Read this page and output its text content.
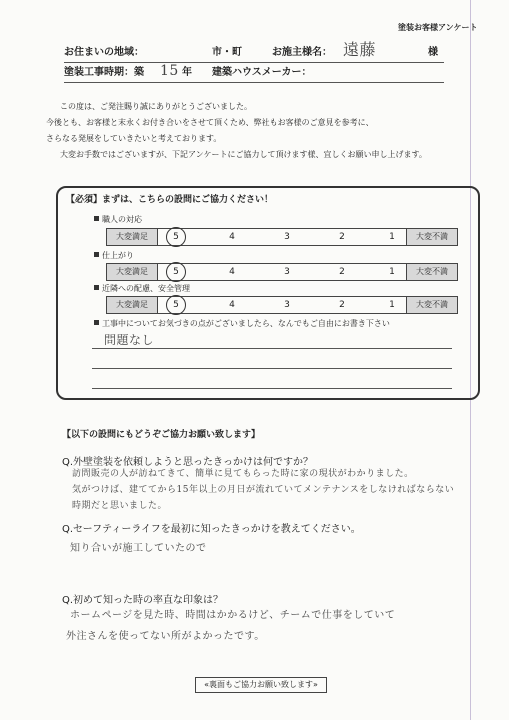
塗装お客様アンケート
お住まいの地域：	市・町	お施主様名： 遠藤	様
塗装工事時期：築 15 年 建築ハウスメーカー：
この度は、ご発注賜り誠にありがとうございました。
今後とも、お客様と末永くお付き合いをさせて頂くため、弊社もお客様のご意見を参考に、
さらなる発展をしていきたいと考えております。
大変お手数ではございますが、下記アンケートにご協力して頂けます様、宜しくお願い申し上げます。
【必須】まずは、こちらの設問にご協力ください！
職人の対応
大変満足	5	4	3	2	1	大変不満
仕上がり
大変満足	5	4	3	2	1	大変不満
近隣への配慮、安全管理
大変満足	5	4	3	2	1	大変不満
工事中についてお気づきの点がございましたら、なんでもご自由にお書き下さい
問題なし
【以下の設問にもどうぞご協力お願い致します】
Q.外壁塗装を依頼しようと思ったきっかけは何ですか？
訪問販売の人が訪ねてきて、簡単に見てもらった時に家の現状がわかりました。
気がつけば、建ててから15年以上の月日が流れていてメンテナンスをしなければならない
時期だと思いました。
Q.セーフティーライフを最初に知ったきっかけを教えてください。
知り合いが施工していたので
Q.初めて知った時の率直な印象は？
ホームページを見た時、時間はかかるけど、チームで仕事をしていて
外注さんを使ってない所がよかったです。
«裏面もご協力お願い致します»
